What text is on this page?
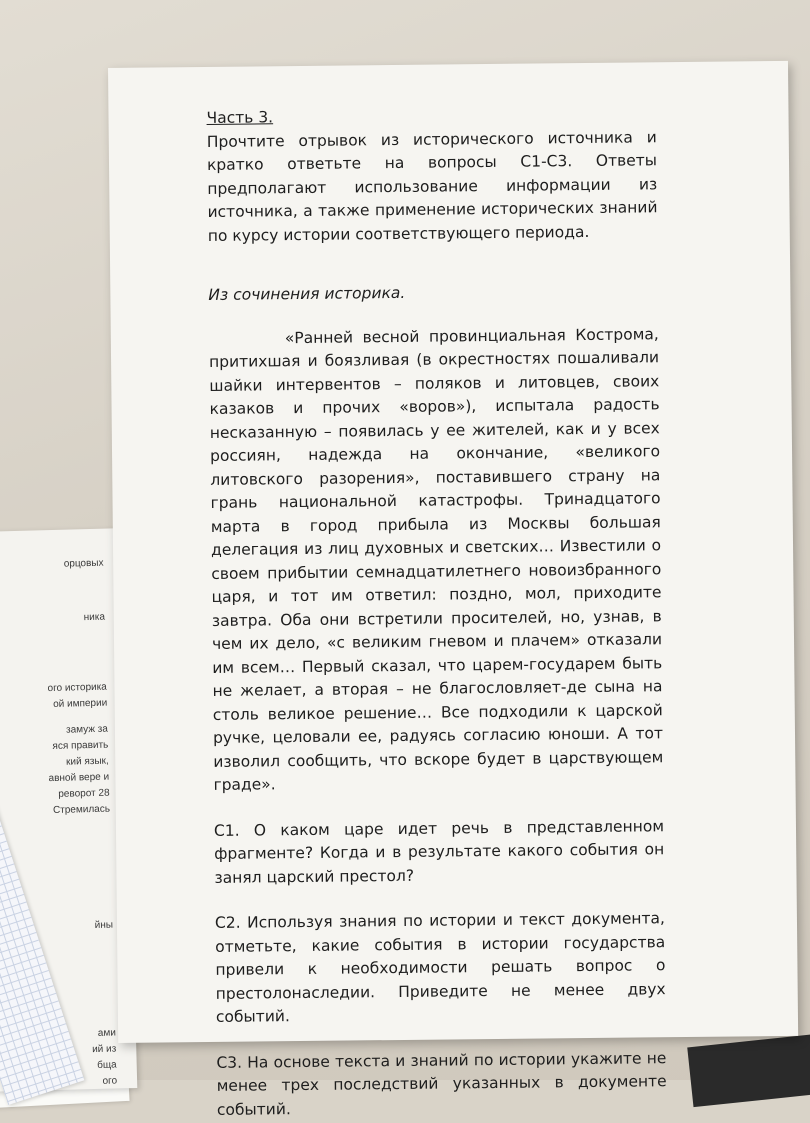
орцовых
ника
ого историка
ой империи
замуж за
яся править
кий язык,
авной вере и
реворот 28
Стремилась
йны
ами
ий из
бща
ого

Часть 3.

Прочтите отрывок из исторического источника и кратко ответьте на вопросы С1-С3. Ответы предполагают использование информации из источника, а также применение исторических знаний по курсу истории соответствующего периода.

Из сочинения историка.

«Ранней весной провинциальная Кострома, притихшая и боязливая (в окрестностях пошаливали шайки интервентов – поляков и литовцев, своих казаков и прочих «воров»), испытала радость несказанную – появилась у ее жителей, как и у всех россиян, надежда на окончание, «великого литовского разорения», поставившего страну на грань национальной катастрофы. Тринадцатого марта в город прибыла из Москвы большая делегация из лиц духовных и светских… Известили о своем прибытии семнадцатилетнего новоизбранного царя, и тот им ответил: поздно, мол, приходите завтра. Оба они встретили просителей, но, узнав, в чем их дело, «с великим гневом и плачем» отказали им всем… Первый сказал, что царем-государем быть не желает, а вторая – не благословляет-де сына на столь великое решение… Все подходили к царской ручке, целовали ее, радуясь согласию юноши. А тот изволил сообщить, что вскоре будет в царствующем граде».

С1. О каком царе идет речь в представленном фрагменте? Когда и в результате какого события он занял царский престол?

С2. Используя знания по истории и текст документа, отметьте, какие события в истории государства привели к необходимости решать вопрос о престолонаследии. Приведите не менее двух событий.

С3. На основе текста и знаний по истории укажите не менее трех последствий указанных в документе событий.
